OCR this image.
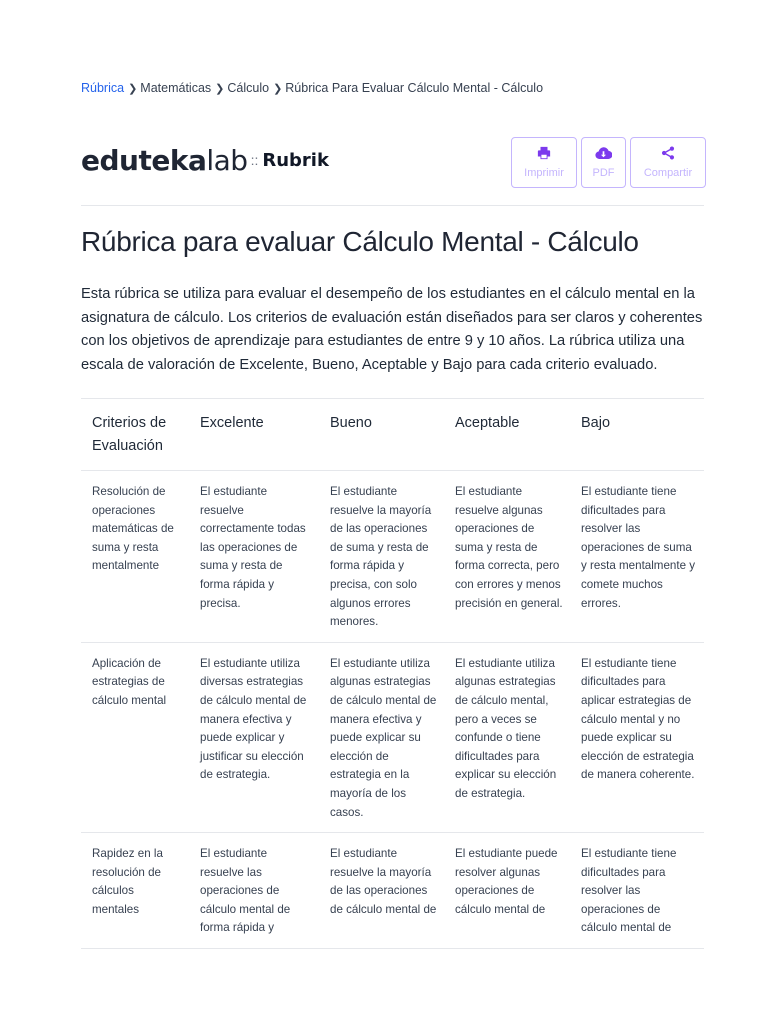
Rúbrica ❯ Matemáticas ❯ Cálculo ❯ Rúbrica Para Evaluar Cálculo Mental - Cálculo
eduteka lab :: Rubrik
Imprimir	PDF	Compartir
Rúbrica para evaluar Cálculo Mental - Cálculo

Esta rúbrica se utiliza para evaluar el desempeño de los estudiantes en el cálculo mental en la asignatura de cálculo. Los criterios de evaluación están diseñados para ser claros y coherentes con los objetivos de aprendizaje para estudiantes de entre 9 y 10 años. La rúbrica utiliza una escala de valoración de Excelente, Bueno, Aceptable y Bajo para cada criterio evaluado.

Criterios de Evaluación	Excelente	Bueno	Aceptable	Bajo
Resolución de operaciones matemáticas de suma y resta mentalmente	El estudiante resuelve correctamente todas las operaciones de suma y resta de forma rápida y precisa.	El estudiante resuelve la mayoría de las operaciones de suma y resta de forma rápida y precisa, con solo algunos errores menores.	El estudiante resuelve algunas operaciones de suma y resta de forma correcta, pero con errores y menos precisión en general.	El estudiante tiene dificultades para resolver las operaciones de suma y resta mentalmente y comete muchos errores.
Aplicación de estrategias de cálculo mental	El estudiante utiliza diversas estrategias de cálculo mental de manera efectiva y puede explicar y justificar su elección de estrategia.	El estudiante utiliza algunas estrategias de cálculo mental de manera efectiva y puede explicar su elección de estrategia en la mayoría de los casos.	El estudiante utiliza algunas estrategias de cálculo mental, pero a veces se confunde o tiene dificultades para explicar su elección de estrategia.	El estudiante tiene dificultades para aplicar estrategias de cálculo mental y no puede explicar su elección de estrategia de manera coherente.
Rapidez en la resolución de cálculos mentales	El estudiante resuelve las operaciones de cálculo mental de forma rápida y	El estudiante resuelve la mayoría de las operaciones de cálculo mental de	El estudiante puede resolver algunas operaciones de cálculo mental de	El estudiante tiene dificultades para resolver las operaciones de cálculo mental de
